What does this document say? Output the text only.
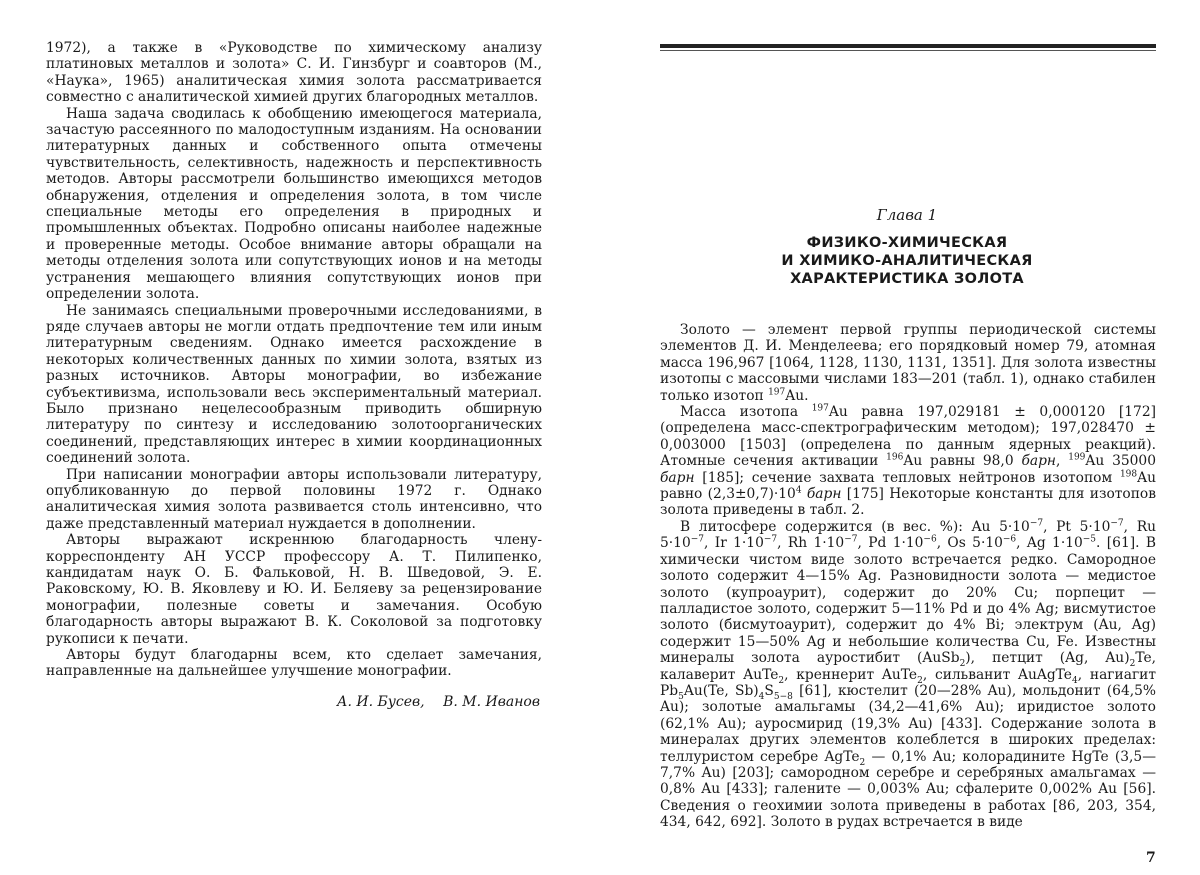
1972), а также в «Руководстве по химическому анализу платиновых металлов и золота» С. И. Гинзбург и соавторов (М., «Наука», 1965) аналитическая химия золота рассматривается совместно с аналитической химией других благородных металлов.

Наша задача сводилась к обобщению имеющегося материала, зачастую рассеянного по малодоступным изданиям. На основании литературных данных и собственного опыта отмечены чувствительность, селективность, надежность и перспективность методов. Авторы рассмотрели большинство имеющихся методов обнаружения, отделения и определения золота, в том числе специальные методы его определения в природных и промышленных объектах. Подробно описаны наиболее надежные и проверенные методы. Особое внимание авторы обращали на методы отделения золота или сопутствующих ионов и на методы устранения мешающего влияния сопутствующих ионов при определении золота.

Не занимаясь специальными проверочными исследованиями, в ряде случаев авторы не могли отдать предпочтение тем или иным литературным сведениям. Однако имеется расхождение в некоторых количественных данных по химии золота, взятых из разных источников. Авторы монографии, во избежание субъективизма, использовали весь экспериментальный материал. Было признано нецелесообразным приводить обширную литературу по синтезу и исследованию золотоорганических соединений, представляющих интерес в химии координационных соединений золота.

При написании монографии авторы использовали литературу, опубликованную до первой половины 1972 г. Однако аналитическая химия золота развивается столь интенсивно, что даже представленный материал нуждается в дополнении.

Авторы выражают искреннюю благодарность члену-корреспонденту АН УССР профессору А. Т. Пилипенко, кандидатам наук О. Б. Фальковой, Н. В. Шведовой, Э. Е. Раковскому, Ю. В. Яковлеву и Ю. И. Беляеву за рецензирование монографии, полезные советы и замечания. Особую благодарность авторы выражают В. К. Соколовой за подготовку рукописи к печати.

Авторы будут благодарны всем, кто сделает замечания, направленные на дальнейшее улучшение монографии.

А. И. Бусев, В. М. Иванов
Глава 1
ФИЗИКО-ХИМИЧЕСКАЯ
И ХИМИКО-АНАЛИТИЧЕСКАЯ
ХАРАКТЕРИСТИКА ЗОЛОТА

Золото — элемент первой группы периодической системы элементов Д. И. Менделеева; его порядковый номер 79, атомная масса 196,967 [1064, 1128, 1130, 1131, 1351]. Для золота известны изотопы с массовыми числами 183—201 (табл. 1), однако стабилен только изотоп $^{197}$Au.

Масса изотопа $^{197}$Au равна 197,029181 ± 0,000120 [172] (определена масс-спектрографическим методом); 197,028470 ± 0,003000 [1503] (определена по данным ядерных реакций). Атомные сечения активации $^{196}$Au равны 98,0 барн, $^{199}$Au 35000 барн [185]; сечение захвата тепловых нейтронов изотопом $^{198}$Au равно $(2,3\pm 0,7)\cdot 10^4$ барн [175] Некоторые константы для изотопов золота приведены в табл. 2.

В литосфере содержится (в вес. %): Au $5\cdot 10^{-7}$, Pt $5\cdot 10^{-7}$, Ru $5\cdot 10^{-7}$, Ir $1\cdot 10^{-7}$, Rh $1\cdot 10^{-7}$, Pd $1\cdot 10^{-6}$, Os $5\cdot 10^{-6}$, Ag $1\cdot 10^{-5}$. [61]. В химически чистом виде золото встречается редко. Самородное золото содержит 4—15% Ag. Разновидности золота — медистое золото (купроаурит), содержит до 20% Cu; порпецит — палладистое золото, содержит 5—11% Pd и до 4% Ag; висмутистое золото (бисмутоаурит), содержит до 4% Bi; электрум (Au, Ag) содержит 15—50% Ag и небольшие количества Cu, Fe. Известны минералы золота ауростибит (AuSb$_2$), петцит (Ag, $Au)_2Te$, калаверит AuTe$_2$, креннерит AuTe$_2$, сильванит AuAgTe$_4$, нагиагит $Pb_5Au(Te$, $Sb)_4S_{5-8}$ [61], кюстелит (20—28% Au), мольдонит (64,5% Au); золотые амальгамы (34,2—41,6% Au); иридистое золото (62,1% Au); ауросмирид (19,3% Au) [433]. Содержание золота в минералах других элементов колеблется в широких пределах: теллуристом серебре AgTe$_2$ — 0,1% Au; колорадините HgTe (3,5—7,7% Au) [203]; самородном серебре и серебряных амальгамах — 0,8% Au [433]; галените — 0,003% Au; сфалерите 0,002% Au [56]. Сведения о геохимии золота приведены в работах [86, 203, 354, 434, 642, 692]. Золото в рудах встречается в виде

7
